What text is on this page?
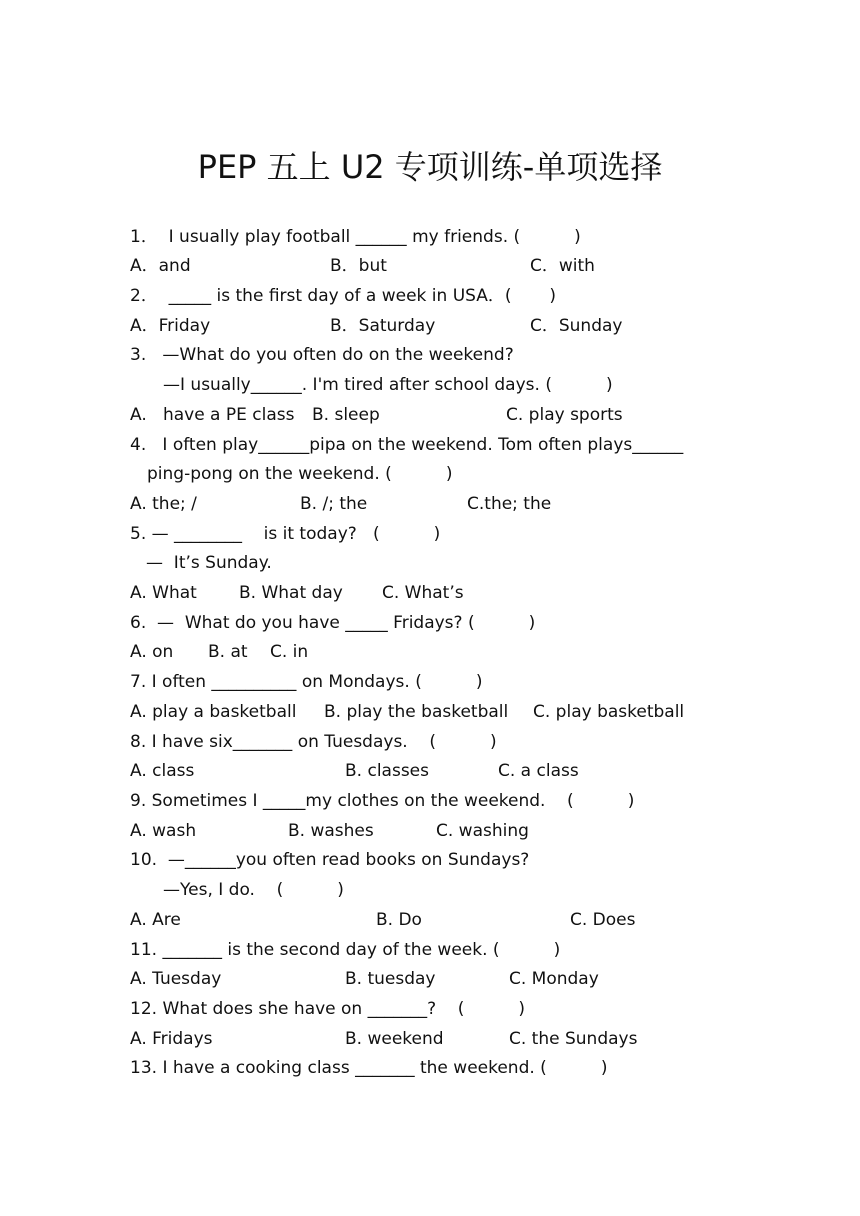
PEP 五上 U2 专项训练-单项选择
1．  I usually play football ______ my friends. (          )
A．and	B．but	C．with
2．  _____ is the first day of a week in USA．(       )
A．Friday	B．Saturday	C．Sunday
3.   —What do you often do on the weekend?
—I usually______. I'm tired after school days. (          )
A.   have a PE class B. sleep	C. play sports
4.   I often play______pipa on the weekend. Tom often plays______
ping-pong on the weekend. (          )
A. the; /	B. /; the	C.the; the
5. — ________    is it today?   (          )
—  It’s Sunday.
A. What B. What day C. What’s
6.  —  What do you have _____ Fridays? (          )
A. on B. at C. in
7. I often __________ on Mondays. (          )
A. play a basketball B. play the basketball C. play basketball
8. I have six_______ on Tuesdays.    (          )
A. class	B. classes	C. a class
9. Sometimes I _____my clothes on the weekend.    (          )
A. wash	B. washes	C. washing
10.  —______you often read books on Sundays?
—Yes, I do.    (          )
A. Are	B. Do	C. Does
11. _______ is the second day of the week. (          )
A. Tuesday	B. tuesday	C. Monday
12. What does she have on _______?    (          )
A. Fridays	B. weekend	C. the Sundays
13. I have a cooking class _______ the weekend. (          )
